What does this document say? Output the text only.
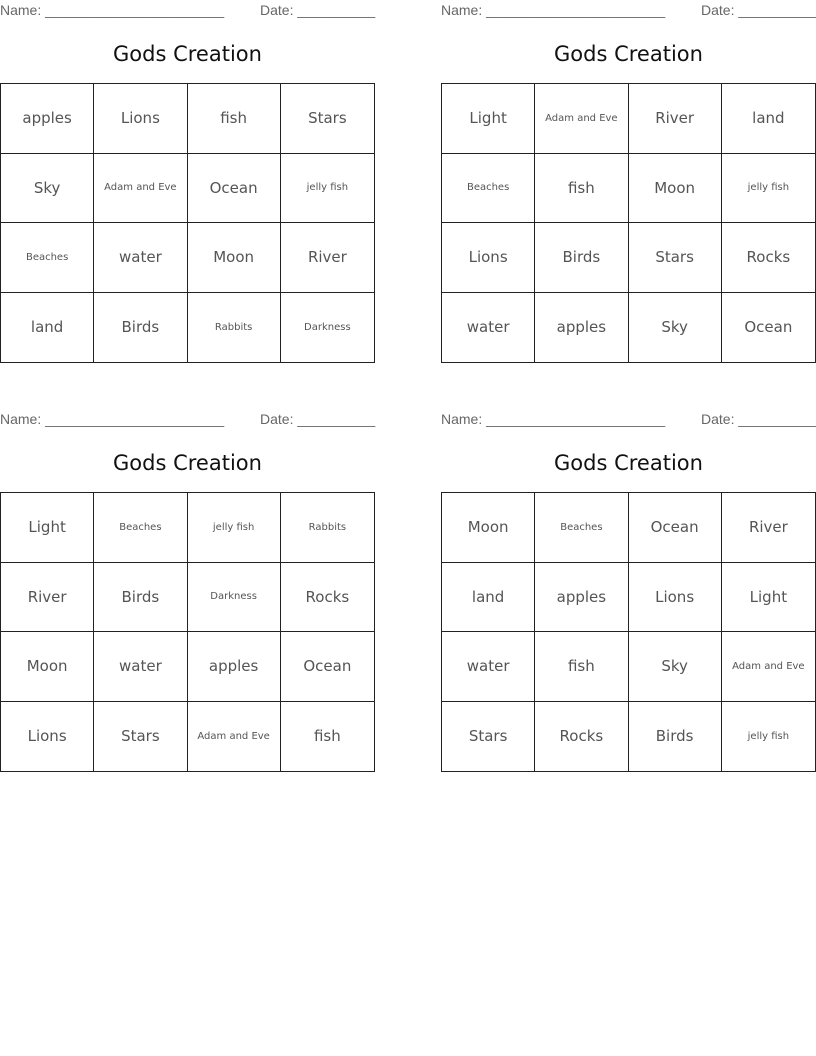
Name: _______________________	Date: __________
Gods Creation
apples	Lions	fish	Stars
Sky	Adam and Eve	Ocean	jelly fish
Beaches	water	Moon	River
land	Birds	Rabbits	Darkness
Name: _______________________	Date: __________
Gods Creation
Light	Adam and Eve	River	land
Beaches	fish	Moon	jelly fish
Lions	Birds	Stars	Rocks
water	apples	Sky	Ocean
Name: _______________________	Date: __________
Gods Creation
Light	Beaches	jelly fish	Rabbits
River	Birds	Darkness	Rocks
Moon	water	apples	Ocean
Lions	Stars	Adam and Eve	fish
Name: _______________________	Date: __________
Gods Creation
Moon	Beaches	Ocean	River
land	apples	Lions	Light
water	fish	Sky	Adam and Eve
Stars	Rocks	Birds	jelly fish
